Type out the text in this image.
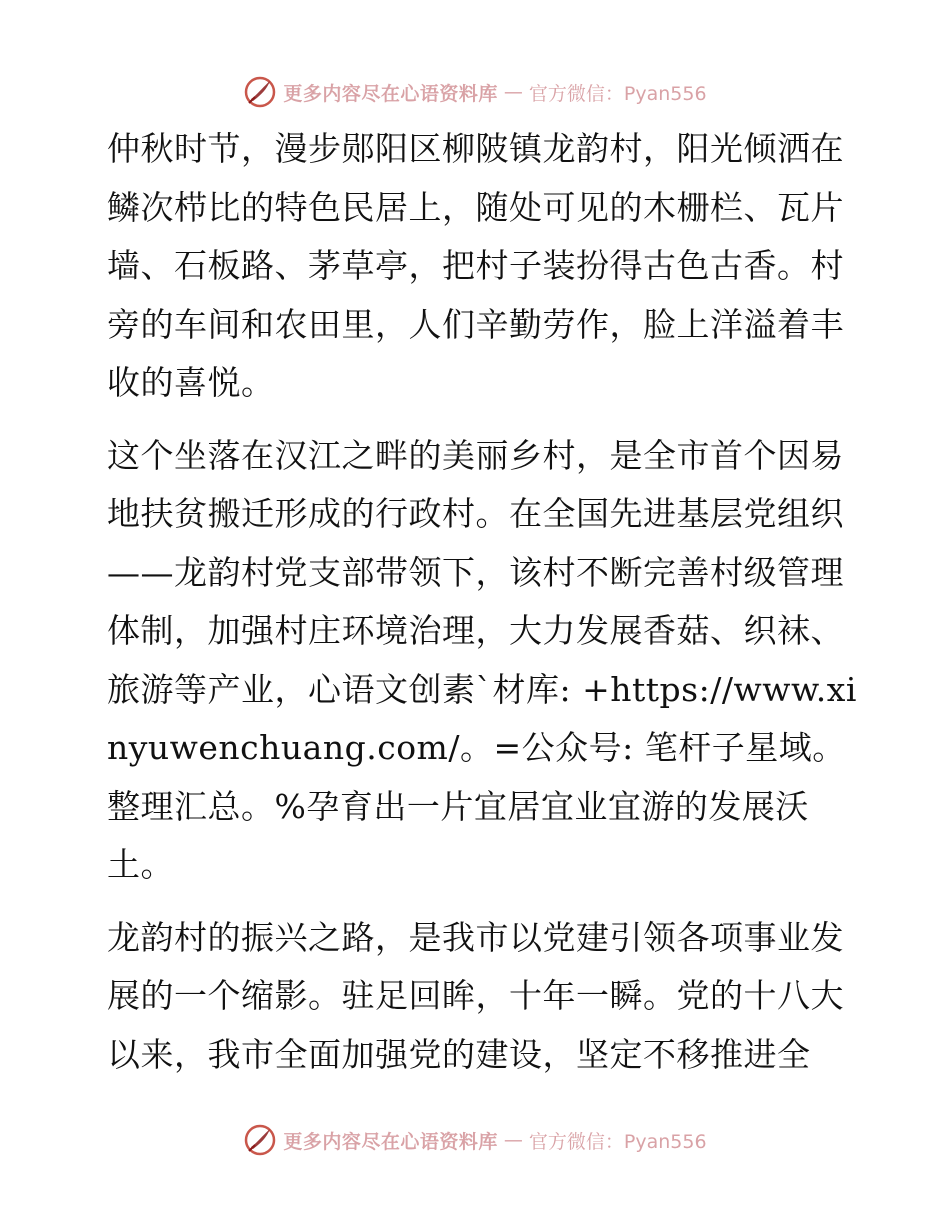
更多内容尽在心语资料库 — 官方微信：Pyan556

仲秋时节，漫步郧阳区柳陂镇龙韵村，阳光倾洒在鳞次栉比的特色民居上，随处可见的木栅栏、瓦片墙、石板路、茅草亭，把村子装扮得古色古香。村旁的车间和农田里，人们辛勤劳作，脸上洋溢着丰收的喜悦。

这个坐落在汉江之畔的美丽乡村，是全市首个因易地扶贫搬迁形成的行政村。在全国先进基层党组织——龙韵村党支部带领下，该村不断完善村级管理体制，加强村庄环境治理，大力发展香菇、织袜、旅游等产业，心语文创素`材库: +https://www.xinyuwenchuang.com/。=公众号: 笔杆子星域。整理汇总。%孕育出一片宜居宜业宜游的发展沃土。

龙韵村的振兴之路，是我市以党建引领各项事业发展的一个缩影。驻足回眸，十年一瞬。党的十八大以来，我市全面加强党的建设，坚定不移推进全

更多内容尽在心语资料库 — 官方微信：Pyan556
